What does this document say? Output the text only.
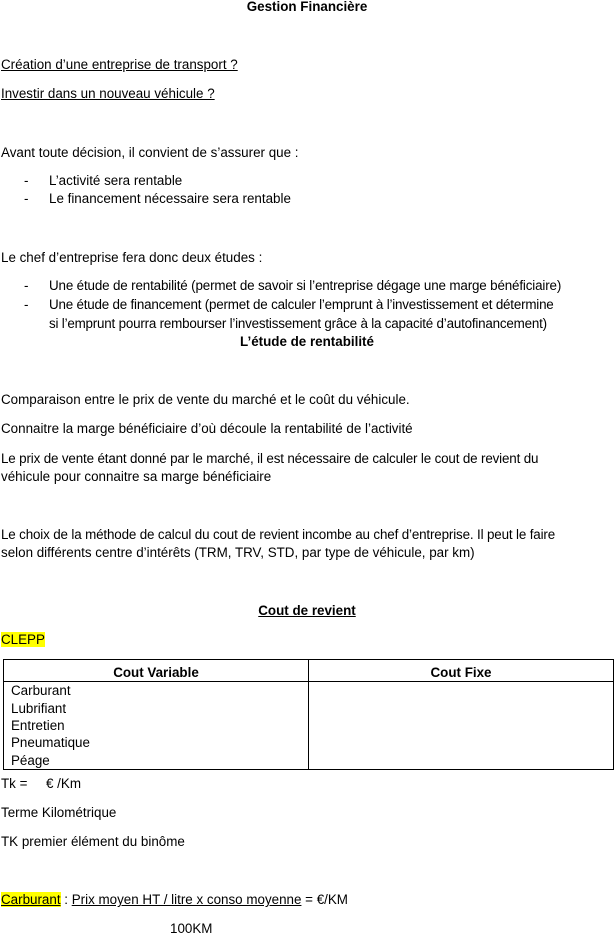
Gestion Financière
Création d’une entreprise de transport ?
Investir dans un nouveau véhicule ?
Avant toute décision, il convient de s’assurer que :
- L’activité sera rentable
- Le financement nécessaire sera rentable
Le chef d’entreprise fera donc deux études :
- Une étude de rentabilité (permet de savoir si l’entreprise dégage une marge bénéficiaire)
- Une étude de financement (permet de calculer l’emprunt à l’investissement et détermine
si l’emprunt pourra rembourser l’investissement grâce à la capacité d’autofinancement)
L’étude de rentabilité
Comparaison entre le prix de vente du marché et le coût du véhicule.
Connaitre la marge bénéficiaire d’où découle la rentabilité de l’activité
Le prix de vente étant donné par le marché, il est nécessaire de calculer le cout de revient du
véhicule pour connaitre sa marge bénéficiaire
Le choix de la méthode de calcul du cout de revient incombe au chef d’entreprise. Il peut le faire
selon différents centre d’intérêts (TRM, TRV, STD, par type de véhicule, par km)
Cout de revient
CLEPP
Cout Variable	Cout Fixe
Carburant	
Lubrifiant	
Entretien	
Pneumatique	
Péage	
Tk =     € /Km
Terme Kilométrique
TK premier élément du binôme
Carburant : Prix moyen HT / litre x conso moyenne = €/KM
100KM
